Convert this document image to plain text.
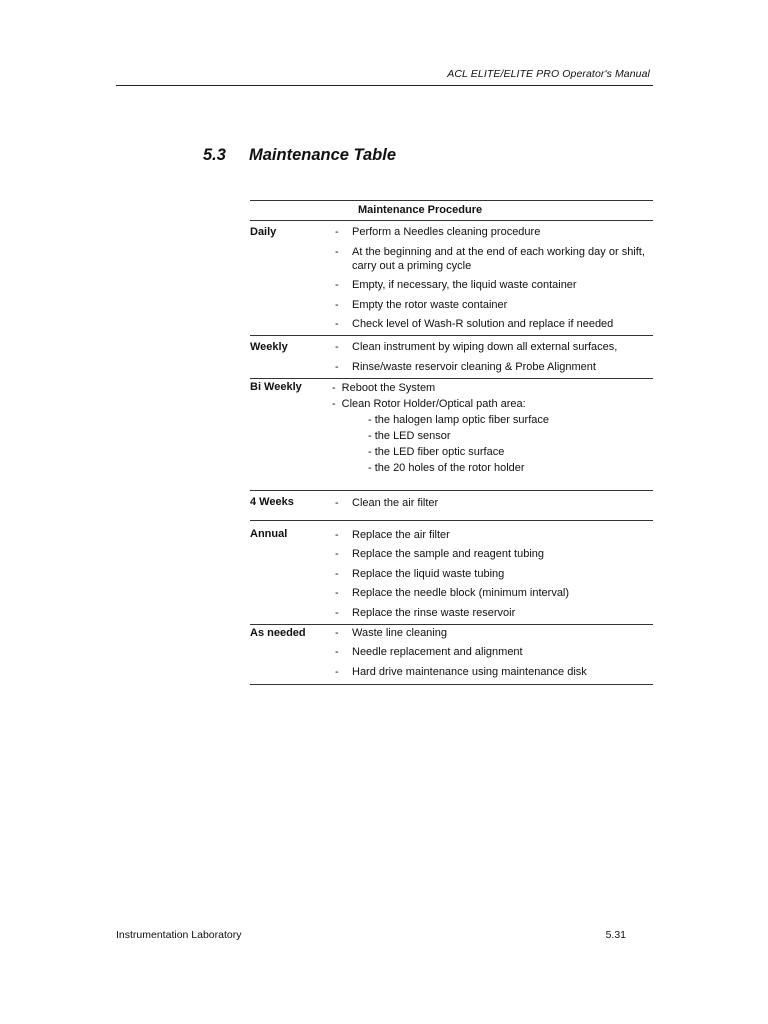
ACL ELITE/ELITE PRO Operator's Manual
5.3 Maintenance Table
Maintenance Procedure
Daily	- Perform a Needles cleaning procedure
- At the beginning and at the end of each working day or shift, carry out a priming cycle
- Empty, if necessary, the liquid waste container
- Empty the rotor waste container
- Check level of Wash-R solution and replace if needed
Weekly	- Clean instrument by wiping down all external surfaces,
- Rinse/waste reservoir cleaning & Probe Alignment
Bi Weekly	- Reboot the System
- Clean Rotor Holder/Optical path area:
- the halogen lamp optic fiber surface
- the LED sensor
- the LED fiber optic surface
- the 20 holes of the rotor holder
4 Weeks	- Clean the air filter
Annual	- Replace the air filter
- Replace the sample and reagent tubing
- Replace the liquid waste tubing
- Replace the needle block (minimum interval)
- Replace the rinse waste reservoir
As needed	- Waste line cleaning
- Needle replacement and alignment
- Hard drive maintenance using maintenance disk
Instrumentation Laboratory	5.31
